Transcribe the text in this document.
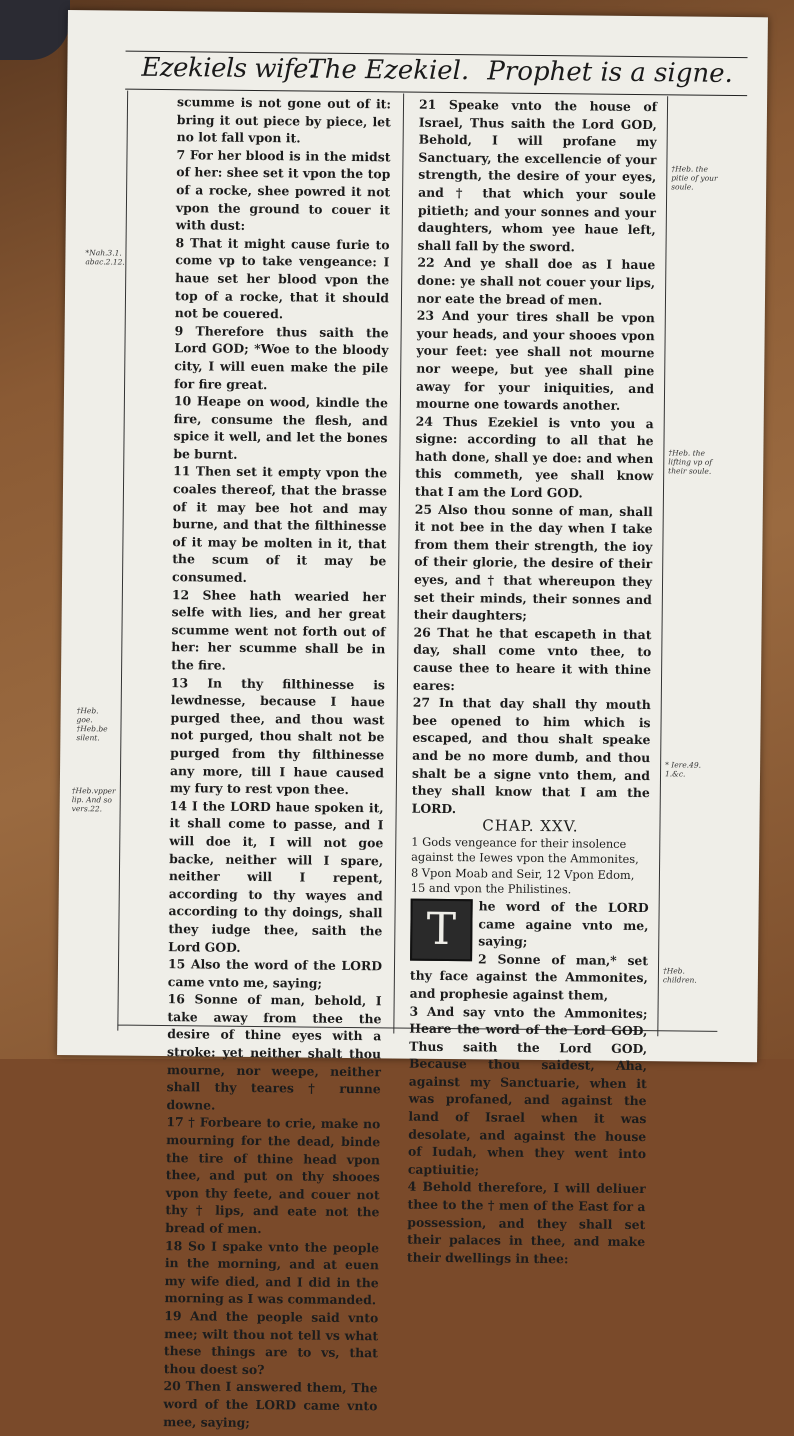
Ezekiels wife.
The Ezekiel. Prophet is a signe.

scumme is not gone out of it: bring it out piece by piece, let no lot fall vpon it.

7 For her blood is in the midst of her: shee set it vpon the top of a rocke, shee powred it not vpon the ground to couer it with dust:

8 That it might cause furie to come vp to take vengeance: I haue set her blood vpon the top of a rocke, that it should not be couered.

9 Therefore thus saith the Lord GOD; *Woe to the bloody city, I will euen make the pile for fire great.

10 Heape on wood, kindle the fire, consume the flesh, and spice it well, and let the bones be burnt.

11 Then set it empty vpon the coales thereof, that the brasse of it may bee hot and may burne, and that the filthinesse of it may be molten in it, that the scum of it may be consumed.

12 Shee hath wearied her selfe with lies, and her great scumme went not forth out of her: her scumme shall be in the fire.

13 In thy filthinesse is lewdnesse, because I haue purged thee, and thou wast not purged, thou shalt not be purged from thy filthinesse any more, till I haue caused my fury to rest vpon thee.

14 I the LORD haue spoken it, it shall come to passe, and I will doe it, I will not goe backe, neither will I spare, neither will I repent, according to thy wayes and according to thy doings, shall they iudge thee, saith the Lord GOD.

15 Also the word of the LORD came vnto me, saying;

16 Sonne of man, behold, I take away from thee the desire of thine eyes with a stroke: yet neither shalt thou mourne, nor weepe, neither shall thy teares † runne downe.

17 † Forbeare to crie, make no mourning for the dead, binde the tire of thine head vpon thee, and put on thy shooes vpon thy feete, and couer not thy † lips, and eate not the bread of men.

18 So I spake vnto the people in the morning, and at euen my wife died, and I did in the morning as I was commanded.

19 And the people said vnto mee; wilt thou not tell vs what these things are to vs, that thou doest so?

20 Then I answered them, The word of the LORD came vnto mee, saying;

21 Speake vnto the house of Israel, Thus saith the Lord GOD, Behold, I will profane my Sanctuary, the excellencie of your strength, the desire of your eyes, and † that which your soule pitieth; and your sonnes and your daughters, whom yee haue left, shall fall by the sword.

22 And ye shall doe as I haue done: ye shall not couer your lips, nor eate the bread of men.

23 And your tires shall be vpon your heads, and your shooes vpon your feet: yee shall not mourne nor weepe, but yee shall pine away for your iniquities, and mourne one towards another.

24 Thus Ezekiel is vnto you a signe: according to all that he hath done, shall ye doe: and when this commeth, yee shall know that I am the Lord GOD.

25 Also thou sonne of man, shall it not bee in the day when I take from them their strength, the ioy of their glorie, the desire of their eyes, and † that whereupon they set their minds, their sonnes and their daughters;

26 That he that escapeth in that day, shall come vnto thee, to cause thee to heare it with thine eares:

27 In that day shall thy mouth bee opened to him which is escaped, and thou shalt speake and be no more dumb, and thou shalt be a signe vnto them, and they shall know that I am the LORD.

CHAP. XXV.

1 Gods vengeance for their insolence against the Iewes vpon the Ammonites, 8 Vpon Moab and Seir, 12 Vpon Edom, 15 and vpon the Philistines.

T	he word of the LORD came againe vnto me, saying;

2 Sonne of man,* set thy face against the Ammonites, and prophesie against them,

3 And say vnto the Ammonites; Heare the word of the Lord GOD, Thus saith the Lord GOD, Because thou saidest, Aha, against my Sanctuarie, when it was profaned, and against the land of Israel when it was desolate, and against the house of Iudah, when they went into captiuitie;

4 Behold therefore, I will deliuer thee to the † men of the East for a possession, and they shall set their palaces in thee, and make their dwellings in thee:

*Nah.3.1. abac.2.12.
†Heb. goe. †Heb.be silent.
†Heb.vpper lip. And so vers.22.
†Heb. the pitie of your soule.
†Heb. the lifting vp of their soule.
* Iere.49. 1.&c.
†Heb. children.
